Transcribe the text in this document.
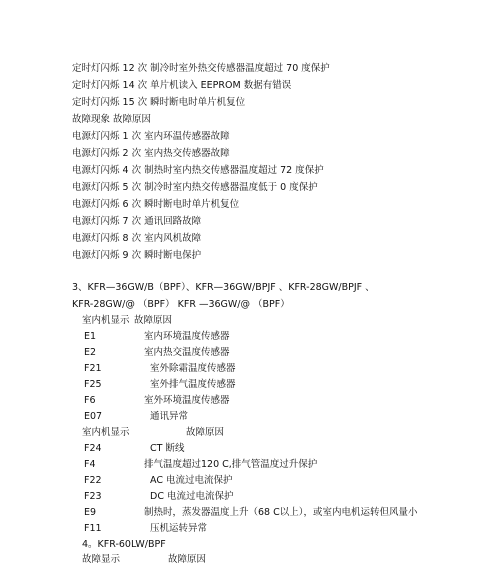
定时灯闪烁 12 次 制冷时室外热交传感器温度超过 70 度保护
定时灯闪烁 14 次 单片机读入 EEPROM 数据有错误
定时灯闪烁 15 次 瞬时断电时单片机复位
故障现象 故障原因
电源灯闪烁 1 次 室内环温传感器故障
电源灯闪烁 2 次 室内热交传感器故障
电源灯闪烁 4 次 制热时室内热交传感器温度超过 72 度保护
电源灯闪烁 5 次 制冷时室内热交传感器温度低于 0 度保护
电源灯闪烁 6 次 瞬时断电时单片机复位
电源灯闪烁 7 次 通讯回路故障
电源灯闪烁 8 次 室内风机故障
电源灯闪烁 9 次 瞬时断电保护
3、KFR—36GW/B（BPF）、KFR—36GW/BPJF 、KFR-28GW/BPJF 、
KFR-28GW/@ （BPF） KFR —36GW/@ （BPF）
室内机显示 故障原因
E1	室内环境温度传感器
E2	室内热交温度传感器
F21	室外除霜温度传感器
F25	室外排气温度传感器
F6	室外环境温度传感器
E07	通讯异常
室内机显示	故障原因
F24	CT 断线
F4	排气温度超过120 C,排气管温度过升保护
F22	AC 电流过电流保护
F23	DC 电流过电流保护
E9	制热时，蒸发器温度上升（68 C以上），或室内电机运转但风量小
F11	压机运转异常
4。KFR-60LW/BPF
故障显示	故障原因
